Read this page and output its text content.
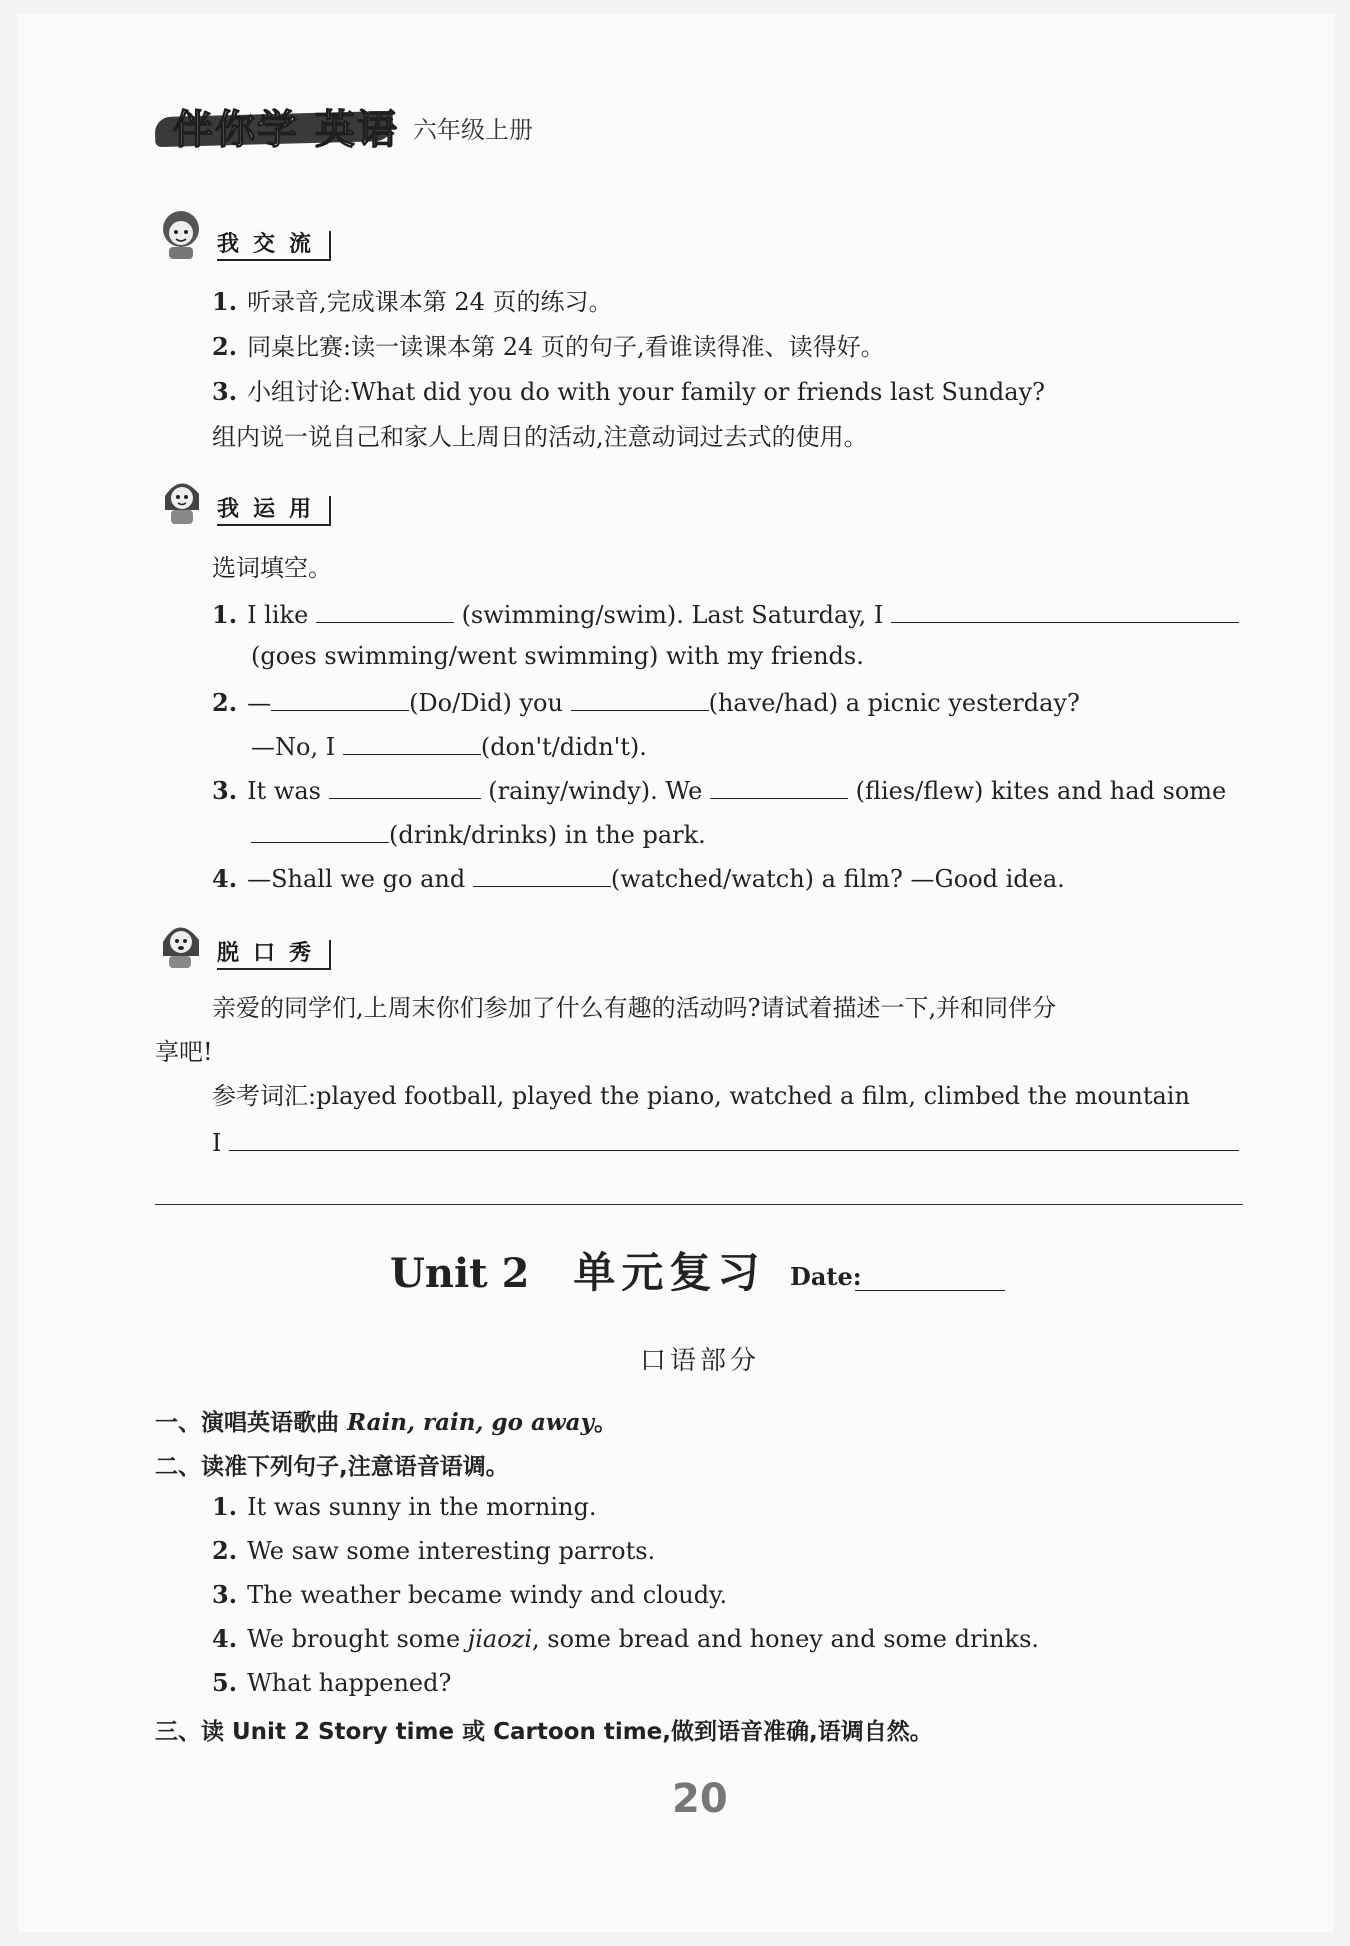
伴你学 英语 六年级上册
我交流
1. 听录音,完成课本第 24 页的练习。
2. 同桌比赛:读一读课本第 24 页的句子,看谁读得准、读得好。
3. 小组讨论:What did you do with your family or friends last Sunday?
组内说一说自己和家人上周日的活动,注意动词过去式的使用。
我运用
选词填空。
1. I like	(swimming/swim). Last Saturday, I
(goes swimming/went swimming) with my friends.
2. —	(Do/Did) you	(have/had) a picnic yesterday?
—No, I	(don't/didn't).
3. It was	(rainy/windy). We	(flies/flew) kites and had some
(drink/drinks) in the park.
4. —Shall we go and	(watched/watch) a film? —Good idea.
脱口秀
亲爱的同学们,上周末你们参加了什么有趣的活动吗?请试着描述一下,并和同伴分
享吧!
参考词汇:played football, played the piano, watched a film, climbed the mountain
I
Unit 2 单元复习 Date:
口语部分
一、演唱英语歌曲 Rain, rain, go away。
二、读准下列句子,注意语音语调。
1. It was sunny in the morning.
2. We saw some interesting parrots.
3. The weather became windy and cloudy.
4. We brought some jiaozi, some bread and honey and some drinks.
5. What happened?
三、读 Unit 2 Story time 或 Cartoon time,做到语音准确,语调自然。
20
